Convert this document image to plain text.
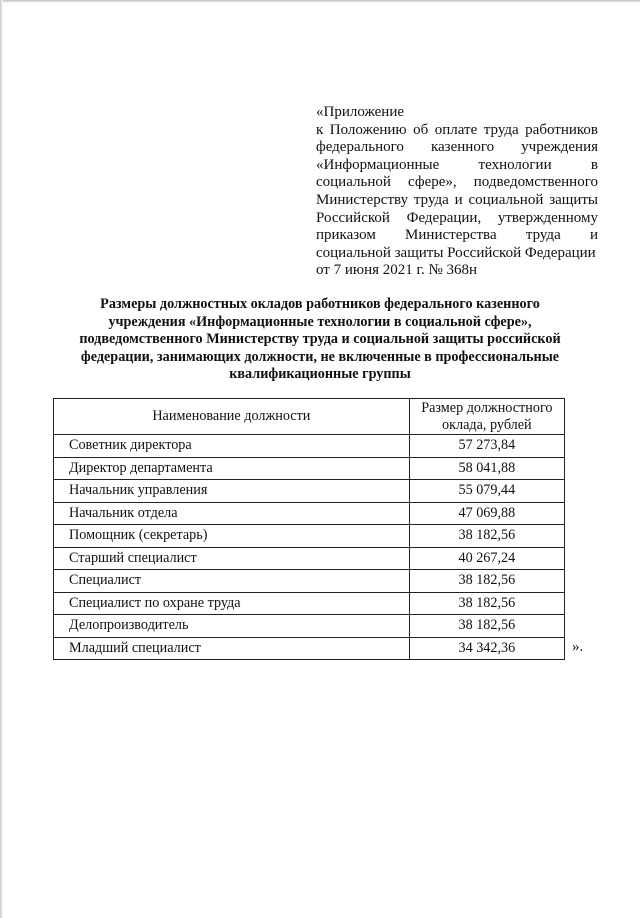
«Приложение
к Положению об оплате труда работников
федерального казенного учреждения
«Информационные технологии в
социальной сфере», подведомственного
Министерству труда и социальной защиты
Российской Федерации, утвержденному
приказом Министерства труда и
социальной защиты Российской Федерации
от 7 июня 2021 г. № 368н
Размеры должностных окладов работников федерального казенного
учреждения «Информационные технологии в социальной сфере»,
подведомственного Министерству труда и социальной защиты российской
федерации, занимающих должности, не включенные в профессиональные
квалификационные группы
Наименование должности	Размер должностного
оклада, рублей
Советник директора	57 273,84
Директор департамента	58 041,88
Начальник управления	55 079,44
Начальник отдела	47 069,88
Помощник (секретарь)	38 182,56
Старший специалист	40 267,24
Специалист	38 182,56
Специалист по охране труда	38 182,56
Делопроизводитель	38 182,56
Младший специалист	34 342,36	».
